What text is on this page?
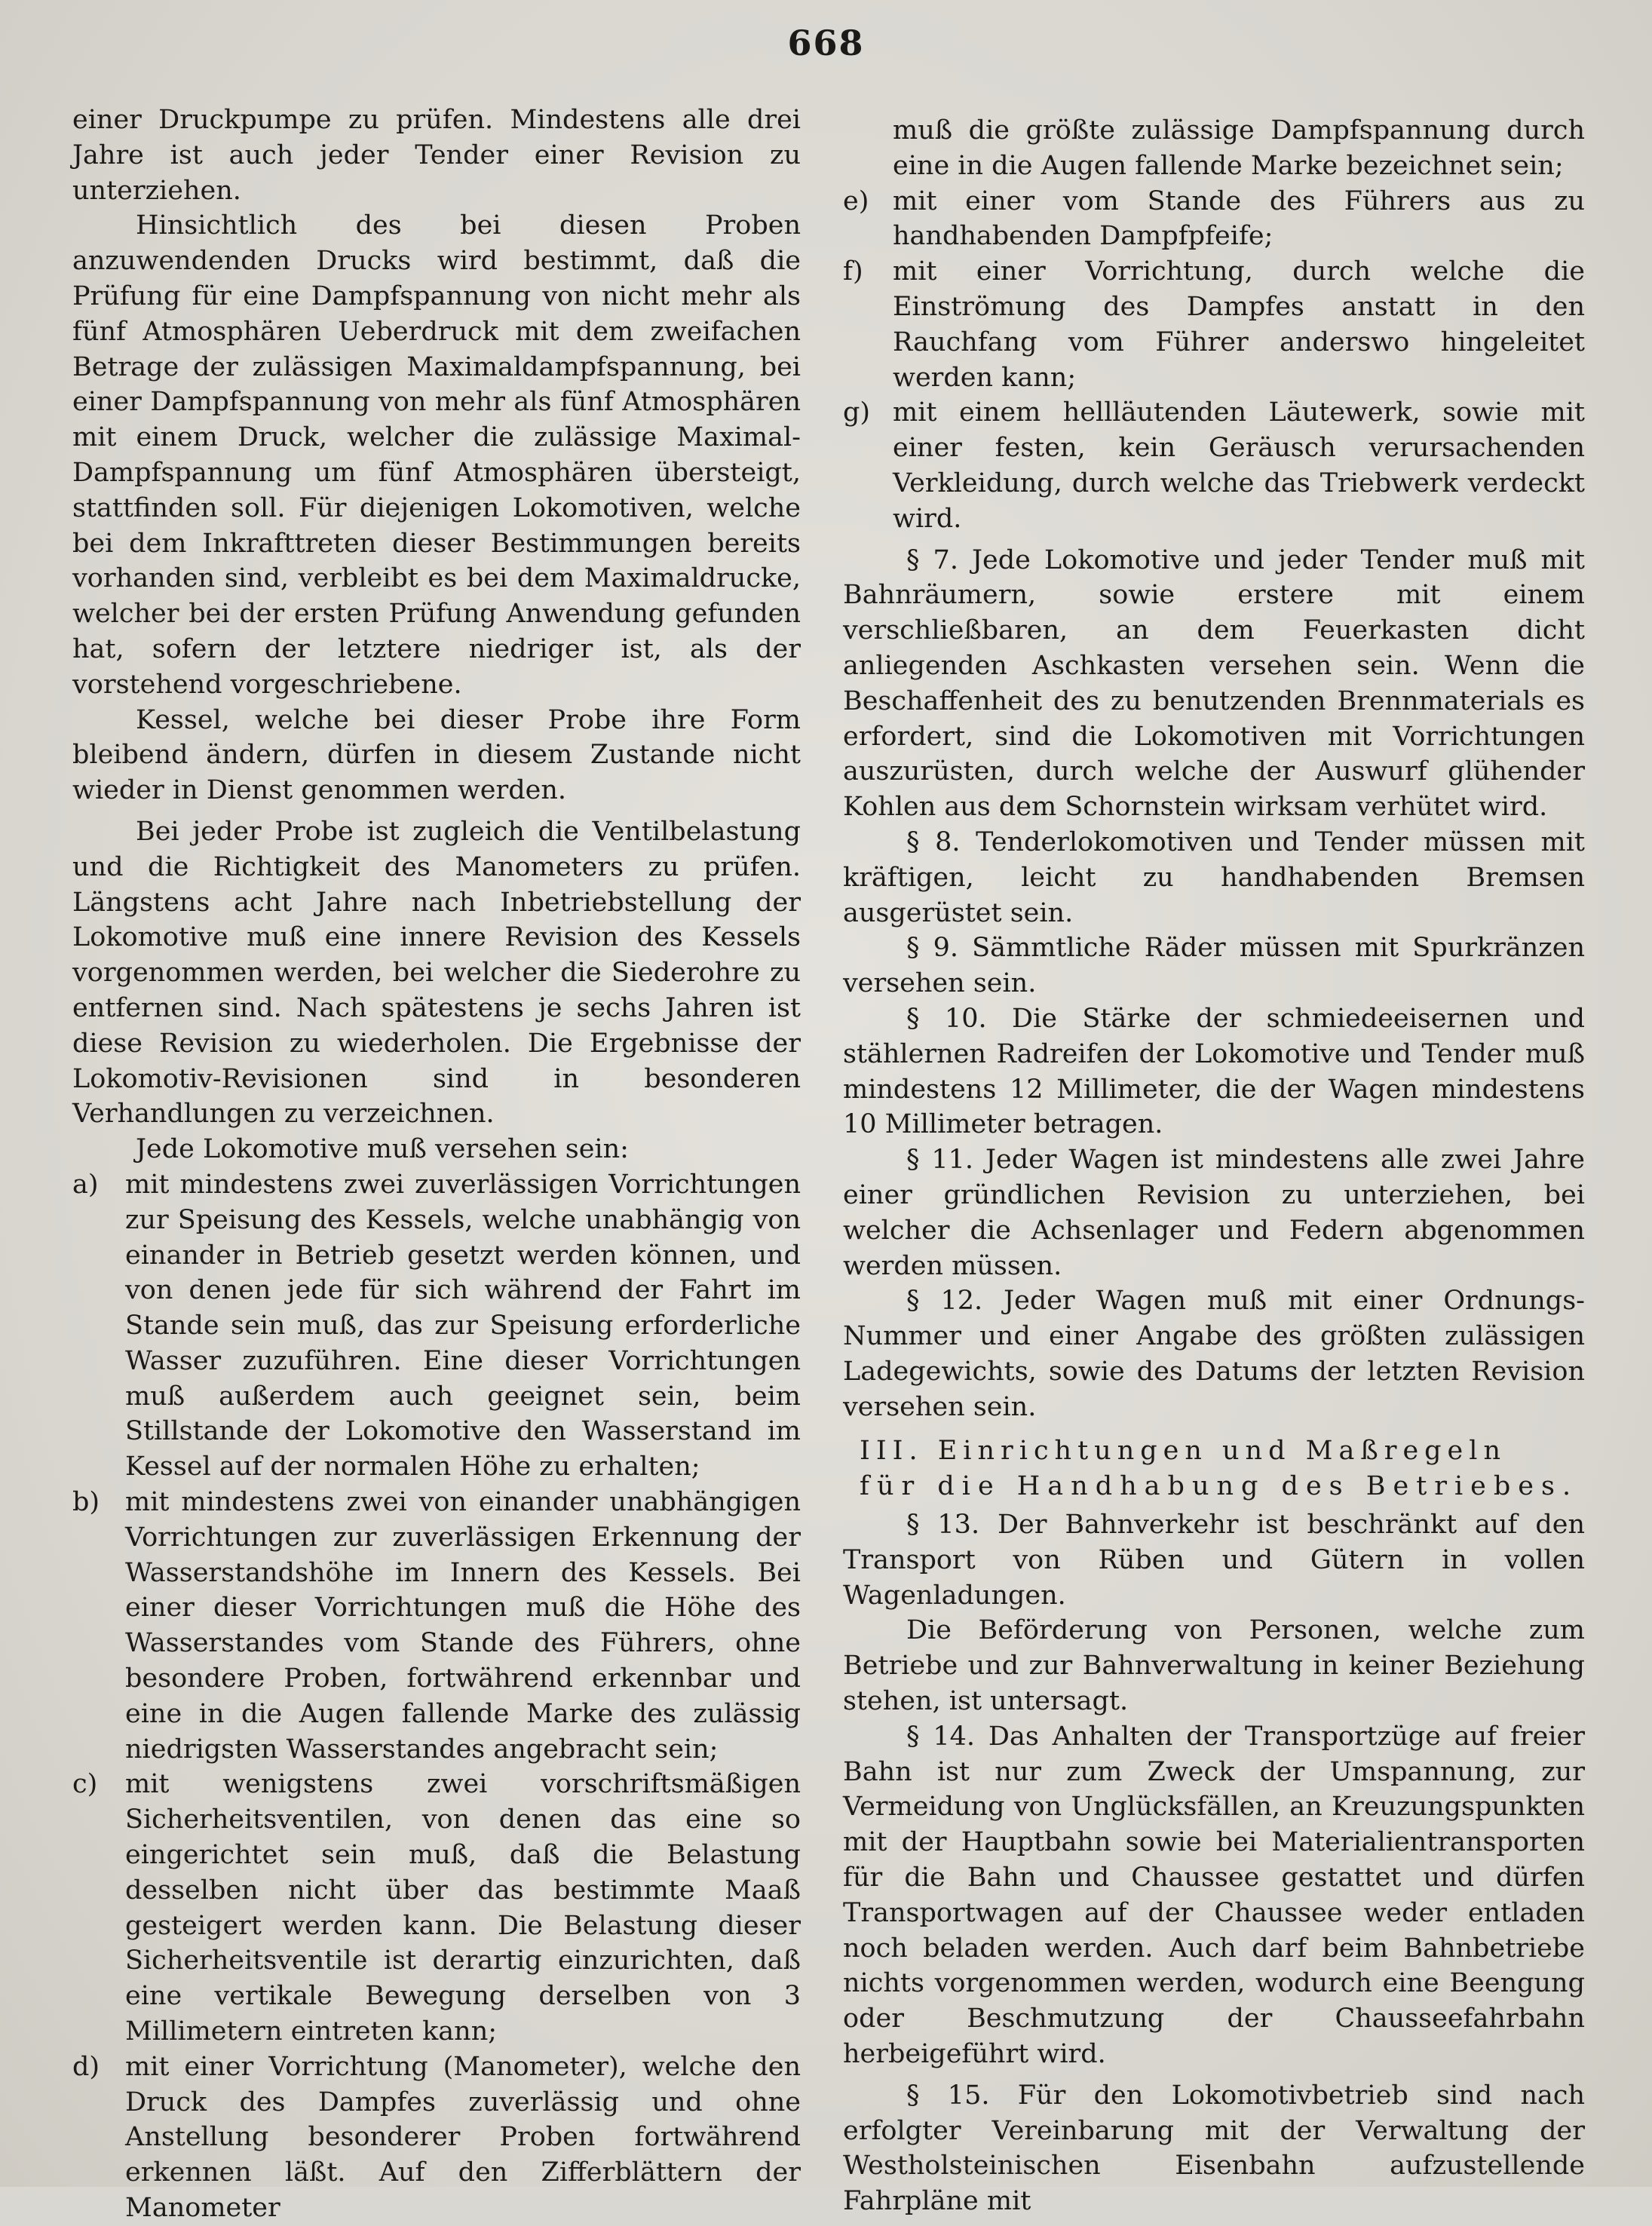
668

einer Druckpumpe zu prüfen. Mindestens alle drei Jahre ist auch jeder Tender einer Revision zu unterziehen.

Hinsichtlich des bei diesen Proben anzuwendenden Drucks wird bestimmt, daß die Prüfung für eine Dampfspannung von nicht mehr als fünf Atmosphären Ueberdruck mit dem zweifachen Betrage der zulässigen Maximaldampfspannung, bei einer Dampfspannung von mehr als fünf Atmosphären mit einem Druck, welcher die zulässige Maximal-Dampfspannung um fünf Atmosphären übersteigt, stattfinden soll. Für diejenigen Lokomotiven, welche bei dem Inkrafttreten dieser Bestimmungen bereits vorhanden sind, verbleibt es bei dem Maximaldrucke, welcher bei der ersten Prüfung Anwendung gefunden hat, sofern der letztere niedriger ist, als der vorstehend vorgeschriebene.

Kessel, welche bei dieser Probe ihre Form bleibend ändern, dürfen in diesem Zustande nicht wieder in Dienst genommen werden.

Bei jeder Probe ist zugleich die Ventilbelastung und die Richtigkeit des Manometers zu prüfen. Längstens acht Jahre nach Inbetriebstellung der Lokomotive muß eine innere Revision des Kessels vorgenommen werden, bei welcher die Siederohre zu entfernen sind. Nach spätestens je sechs Jahren ist diese Revision zu wiederholen. Die Ergebnisse der Lokomotiv-Revisionen sind in besonderen Verhandlungen zu verzeichnen.

Jede Lokomotive muß versehen sein:

a) mit mindestens zwei zuverlässigen Vorrichtungen zur Speisung des Kessels, welche unabhängig von einander in Betrieb gesetzt werden können, und von denen jede für sich während der Fahrt im Stande sein muß, das zur Speisung erforderliche Wasser zuzuführen. Eine dieser Vorrichtungen muß außerdem auch geeignet sein, beim Stillstande der Lokomotive den Wasserstand im Kessel auf der normalen Höhe zu erhalten;
b) mit mindestens zwei von einander unabhängigen Vorrichtungen zur zuverlässigen Erkennung der Wasserstandshöhe im Innern des Kessels. Bei einer dieser Vorrichtungen muß die Höhe des Wasserstandes vom Stande des Führers, ohne besondere Proben, fortwährend erkennbar und eine in die Augen fallende Marke des zulässig niedrigsten Wasserstandes angebracht sein;
c) mit wenigstens zwei vorschriftsmäßigen Sicherheitsventilen, von denen das eine so eingerichtet sein muß, daß die Belastung desselben nicht über das bestimmte Maaß gesteigert werden kann. Die Belastung dieser Sicherheitsventile ist derartig einzurichten, daß eine vertikale Bewegung derselben von 3 Millimetern eintreten kann;
d) mit einer Vorrichtung (Manometer), welche den Druck des Dampfes zuverlässig und ohne Anstellung besonderer Proben fortwährend erkennen läßt. Auf den Zifferblättern der Manometer
muß die größte zulässige Dampfspannung durch eine in die Augen fallende Marke bezeichnet sein;
e) mit einer vom Stande des Führers aus zu handhabenden Dampfpfeife;
f) mit einer Vorrichtung, durch welche die Einströmung des Dampfes anstatt in den Rauchfang vom Führer anderswo hingeleitet werden kann;
g) mit einem hellläutenden Läutewerk, sowie mit einer festen, kein Geräusch verursachenden Verkleidung, durch welche das Triebwerk verdeckt wird.

§ 7. Jede Lokomotive und jeder Tender muß mit Bahnräumern, sowie erstere mit einem verschließbaren, an dem Feuerkasten dicht anliegenden Aschkasten versehen sein. Wenn die Beschaffenheit des zu benutzenden Brennmaterials es erfordert, sind die Lokomotiven mit Vorrichtungen auszurüsten, durch welche der Auswurf glühender Kohlen aus dem Schornstein wirksam verhütet wird.

§ 8. Tenderlokomotiven und Tender müssen mit kräftigen, leicht zu handhabenden Bremsen ausgerüstet sein.

§ 9. Sämmtliche Räder müssen mit Spurkränzen versehen sein.

§ 10. Die Stärke der schmiedeeisernen und stählernen Radreifen der Lokomotive und Tender muß mindestens 12 Millimeter, die der Wagen mindestens 10 Millimeter betragen.

§ 11. Jeder Wagen ist mindestens alle zwei Jahre einer gründlichen Revision zu unterziehen, bei welcher die Achsenlager und Federn abgenommen werden müssen.

§ 12. Jeder Wagen muß mit einer Ordnungs-Nummer und einer Angabe des größten zulässigen Ladegewichts, sowie des Datums der letzten Revision versehen sein.

III. Einrichtungen und Maßregeln
für die Handhabung des Betriebes.

§ 13. Der Bahnverkehr ist beschränkt auf den Transport von Rüben und Gütern in vollen Wagenladungen.

Die Beförderung von Personen, welche zum Betriebe und zur Bahnverwaltung in keiner Beziehung stehen, ist untersagt.

§ 14. Das Anhalten der Transportzüge auf freier Bahn ist nur zum Zweck der Umspannung, zur Vermeidung von Unglücksfällen, an Kreuzungspunkten mit der Hauptbahn sowie bei Materialientransporten für die Bahn und Chaussee gestattet und dürfen Transportwagen auf der Chaussee weder entladen noch beladen werden. Auch darf beim Bahnbetriebe nichts vorgenommen werden, wodurch eine Beengung oder Beschmutzung der Chausseefahrbahn herbeigeführt wird.

§ 15. Für den Lokomotivbetrieb sind nach erfolgter Vereinbarung mit der Verwaltung der Westholsteinischen Eisenbahn aufzustellende Fahrpläne mit
